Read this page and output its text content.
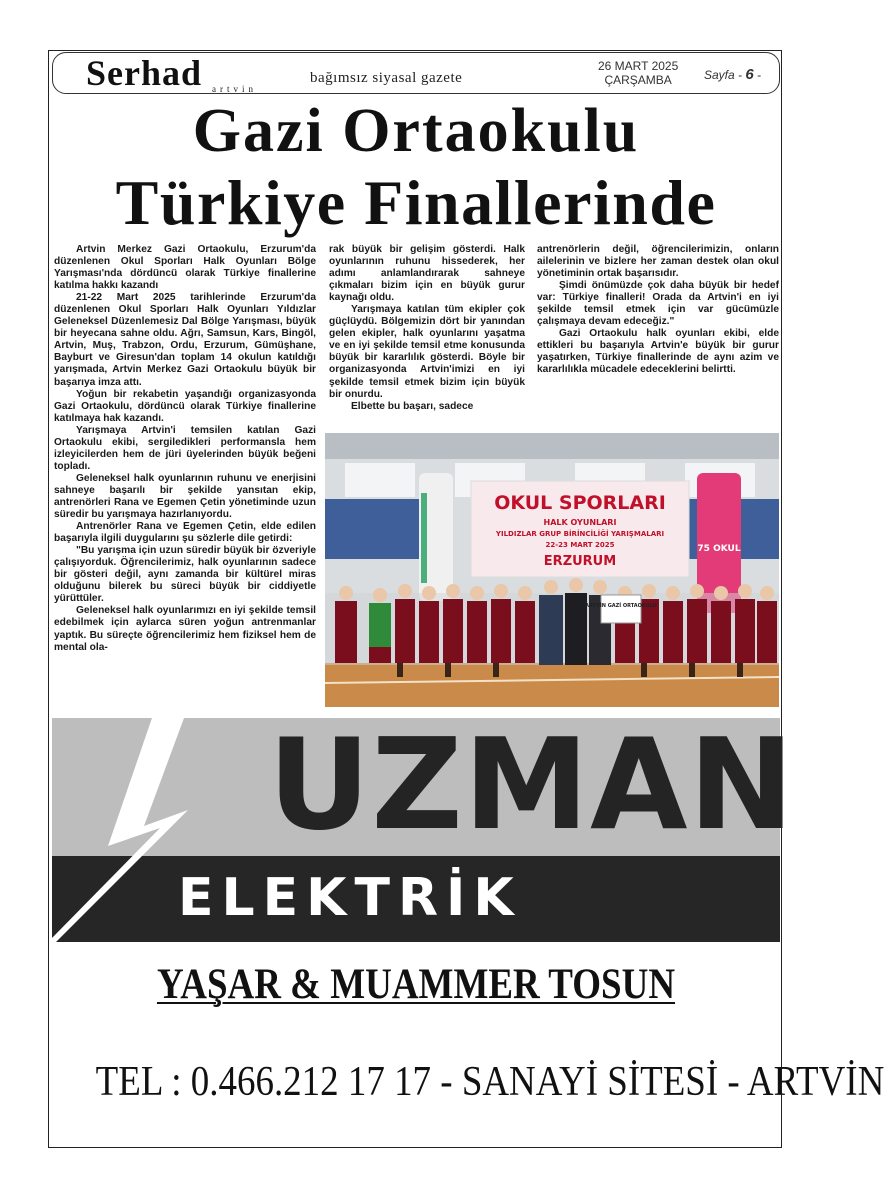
Serhad artvin
bağımsız siyasal gazete
26 MART 2025
ÇARŞAMBA	Sayfa - 6 -
Gazi Ortaokulu
Türkiye Finallerinde

Artvin Merkez Gazi Ortaokulu, Erzurum'da düzenlenen Okul Sporları Halk Oyunları Bölge Yarışması'nda dördüncü olarak Türkiye finallerine katılma hakkı kazandı

21-22 Mart 2025 tarihlerinde Erzurum'da düzenlenen Okul Sporları Halk Oyunları Yıldızlar Geleneksel Düzenlemesiz Dal Bölge Yarışması, büyük bir heyecana sahne oldu. Ağrı, Samsun, Kars, Bingöl, Artvin, Muş, Trabzon, Ordu, Erzurum, Gümüşhane, Bayburt ve Giresun'dan toplam 14 okulun katıldığı yarışmada, Artvin Merkez Gazi Ortaokulu büyük bir başarıya imza attı.

Yoğun bir rekabetin yaşandığı organizasyonda Gazi Ortaokulu, dördüncü olarak Türkiye finallerine katılmaya hak kazandı.

Yarışmaya Artvin'i temsilen katılan Gazi Ortaokulu ekibi, sergiledikleri performansla hem izleyicilerden hem de jüri üyelerinden büyük beğeni topladı.

Geleneksel halk oyunlarının ruhunu ve enerjisini sahneye başarılı bir şekilde yansıtan ekip, antrenörleri Rana ve Egemen Çetin yönetiminde uzun süredir bu yarışmaya hazırlanıyordu.

Antrenörler Rana ve Egemen Çetin, elde edilen başarıyla ilgili duygularını şu sözlerle dile getirdi:

"Bu yarışma için uzun süredir büyük bir özveriyle çalışıyorduk. Öğrencilerimiz, halk oyunlarının sadece bir gösteri değil, aynı zamanda bir kültürel miras olduğunu bilerek bu süreci büyük bir ciddiyetle yürüttüler.

Geleneksel halk oyunlarımızı en iyi şekilde temsil edebilmek için aylarca süren yoğun antrenmanlar yaptık. Bu süreçte öğrencilerimiz hem fiziksel hem de mental ola-

rak büyük bir gelişim gösterdi. Halk oyunlarının ruhunu hissederek, her adımı anlamlandırarak sahneye çıkmaları bizim için en büyük gurur kaynağı oldu.

Yarışmaya katılan tüm ekipler çok güçlüydü. Bölgemizin dört bir yanından gelen ekipler, halk oyunlarını yaşatma ve en iyi şekilde temsil etme konusunda büyük bir kararlılık gösterdi. Böyle bir organizasyonda Artvin'imizi en iyi şekilde temsil etmek bizim için büyük bir onurdu.

Elbette bu başarı, sadece

antrenörlerin değil, öğrencilerimizin, onların ailelerinin ve bizlere her zaman destek olan okul yönetiminin ortak başarısıdır.

Şimdi önümüzde çok daha büyük bir hedef var: Türkiye finalleri! Orada da Artvin'i en iyi şekilde temsil etmek için var gücümüzle çalışmaya devam edeceğiz."

Gazi Ortaokulu halk oyunları ekibi, elde ettikleri bu başarıyla Artvin'e büyük bir gurur yaşatırken, Türkiye finallerinde de aynı azim ve kararlılıkla mücadele edeceklerini belirtti.

75 OKUL
OKUL SPORLARI
HALK OYUNLARI
YILDIZLAR GRUP BİRİNCİLİĞİ YARIŞMALARI
22-23 MART 2025
ERZURUM
ARTVİN GAZİ ORTAOKULU
UZMAN
ELEKTRİK
YAŞAR & MUAMMER TOSUN
TEL : 0.466.212 17 17 - SANAYİ SİTESİ - ARTVİN
